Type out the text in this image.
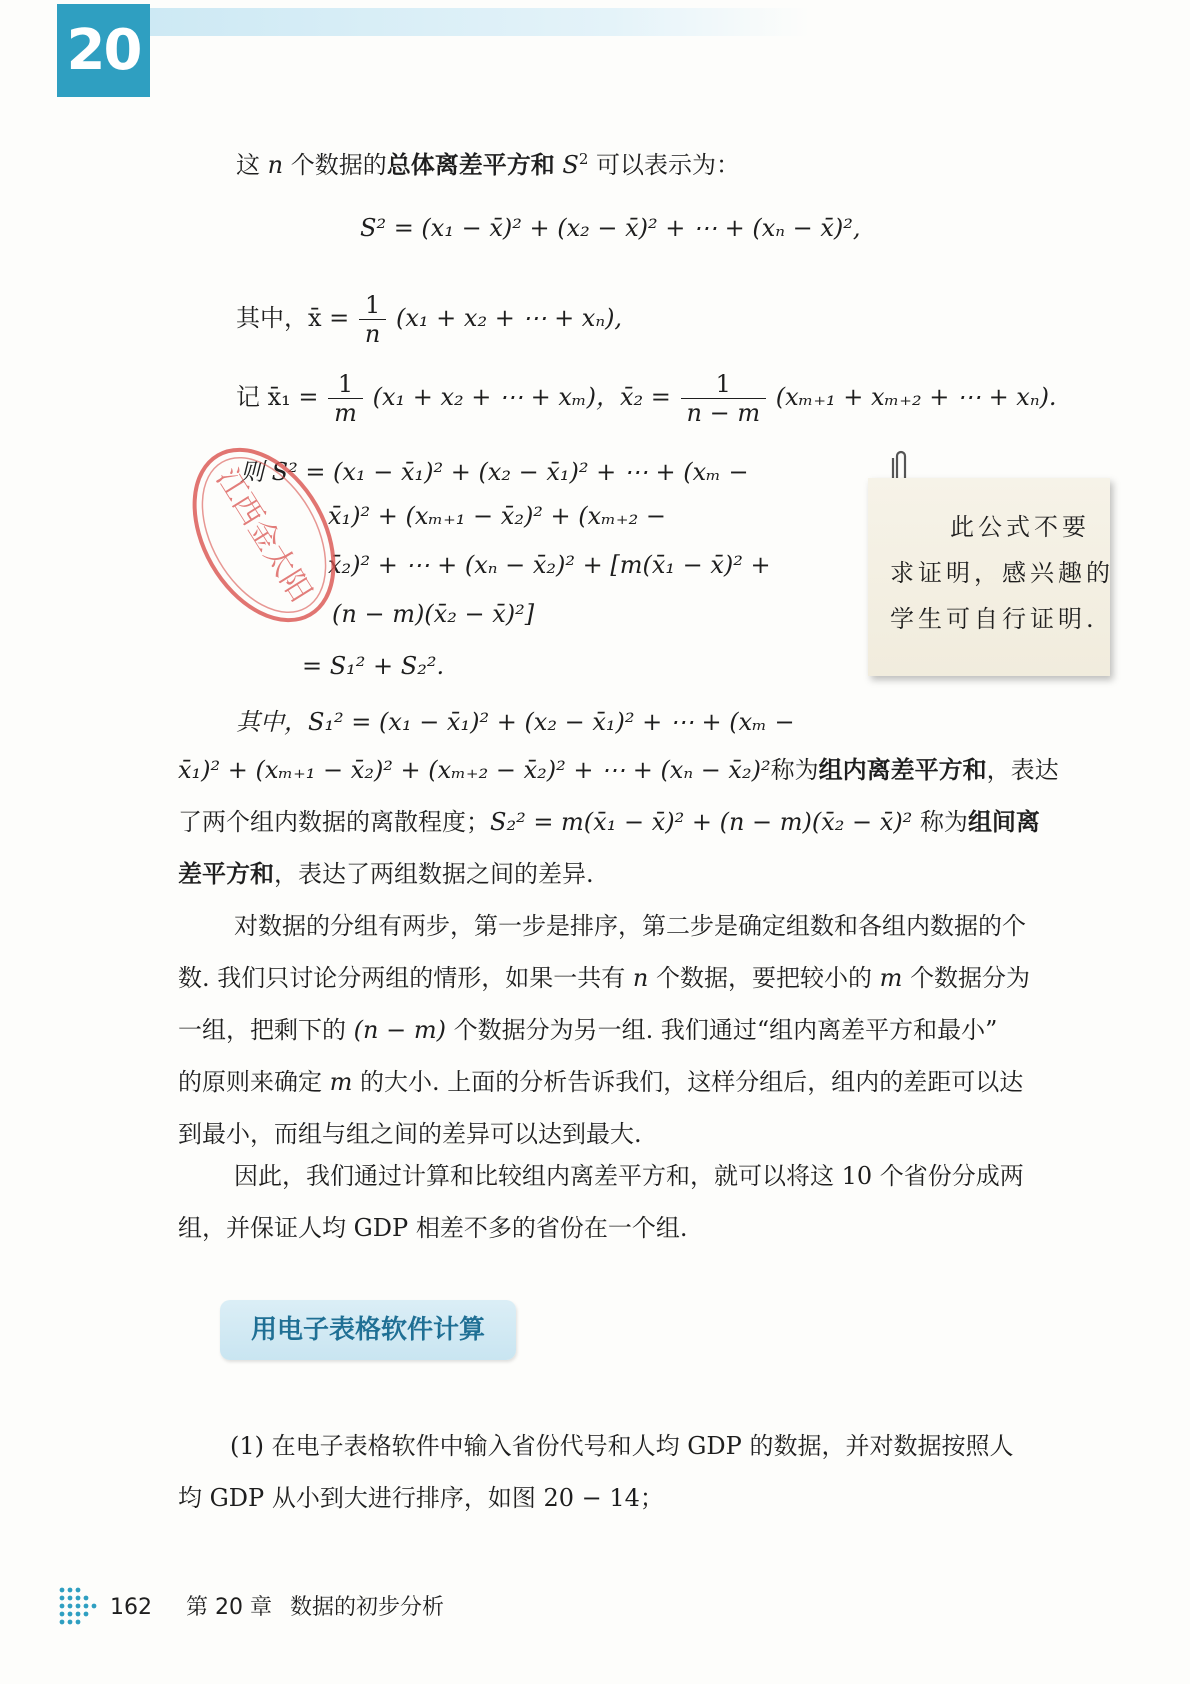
20
这 n 个数据的总体离差平方和 $S^2$ 可以表示为：
S² = (x₁ − x̄)² + (x₂ − x̄)² + ⋯ + (xₙ − x̄)²,
其中，x̄ = $\frac{1}{n} (x_1 + x_2$ + ⋯ + xₙ),
记 x̄₁ = $\frac{1}{m} (x_1 + x_2$ + ⋯ + xₘ)，x̄₂ = $\frac{1}{n - m} (x_{m+1} + x_{m+2}$ + ⋯ + xₙ).
则 S² = (x₁ − x̄₁)² + (x₂ − x̄₁)² + ⋯ + (xₘ −
x̄₁)² + (xₘ₊₁ − x̄₂)² + (xₘ₊₂ −
x̄₂)² + ⋯ + (xₙ − x̄₂)² + [m(x̄₁ − x̄)² +
(n − m)(x̄₂ − x̄)²]
= S₁² + S₂².
江西金太阳	此公式不要
求证明，感兴趣的
学生可自行证明.
其中，S₁² = (x₁ − x̄₁)² + (x₂ − x̄₁)² + ⋯ + (xₘ −
x̄₁)² + (xₘ₊₁ − x̄₂)² + (xₘ₊₂ − x̄₂)² + ⋯ + (xₙ − x̄₂)²称为组内离差平方和，表达
了两个组内数据的离散程度；S₂² = m(x̄₁ − x̄)² + (n − m)(x̄₂ − x̄)² 称为组间离
差平方和，表达了两组数据之间的差异.
对数据的分组有两步，第一步是排序，第二步是确定组数和各组内数据的个
数. 我们只讨论分两组的情形，如果一共有 n 个数据，要把较小的 m 个数据分为
一组，把剩下的 (n − m) 个数据分为另一组. 我们通过“组内离差平方和最小”
的原则来确定 m 的大小. 上面的分析告诉我们，这样分组后，组内的差距可以达
到最小，而组与组之间的差异可以达到最大.
因此，我们通过计算和比较组内离差平方和，就可以将这 10 个省份分成两
组，并保证人均 GDP 相差不多的省份在一个组.
用电子表格软件计算
(1) 在电子表格软件中输入省份代号和人均 GDP 的数据，并对数据按照人
均 GDP 从小到大进行排序，如图 20 − 14；
162 第 20 章 数据的初步分析
